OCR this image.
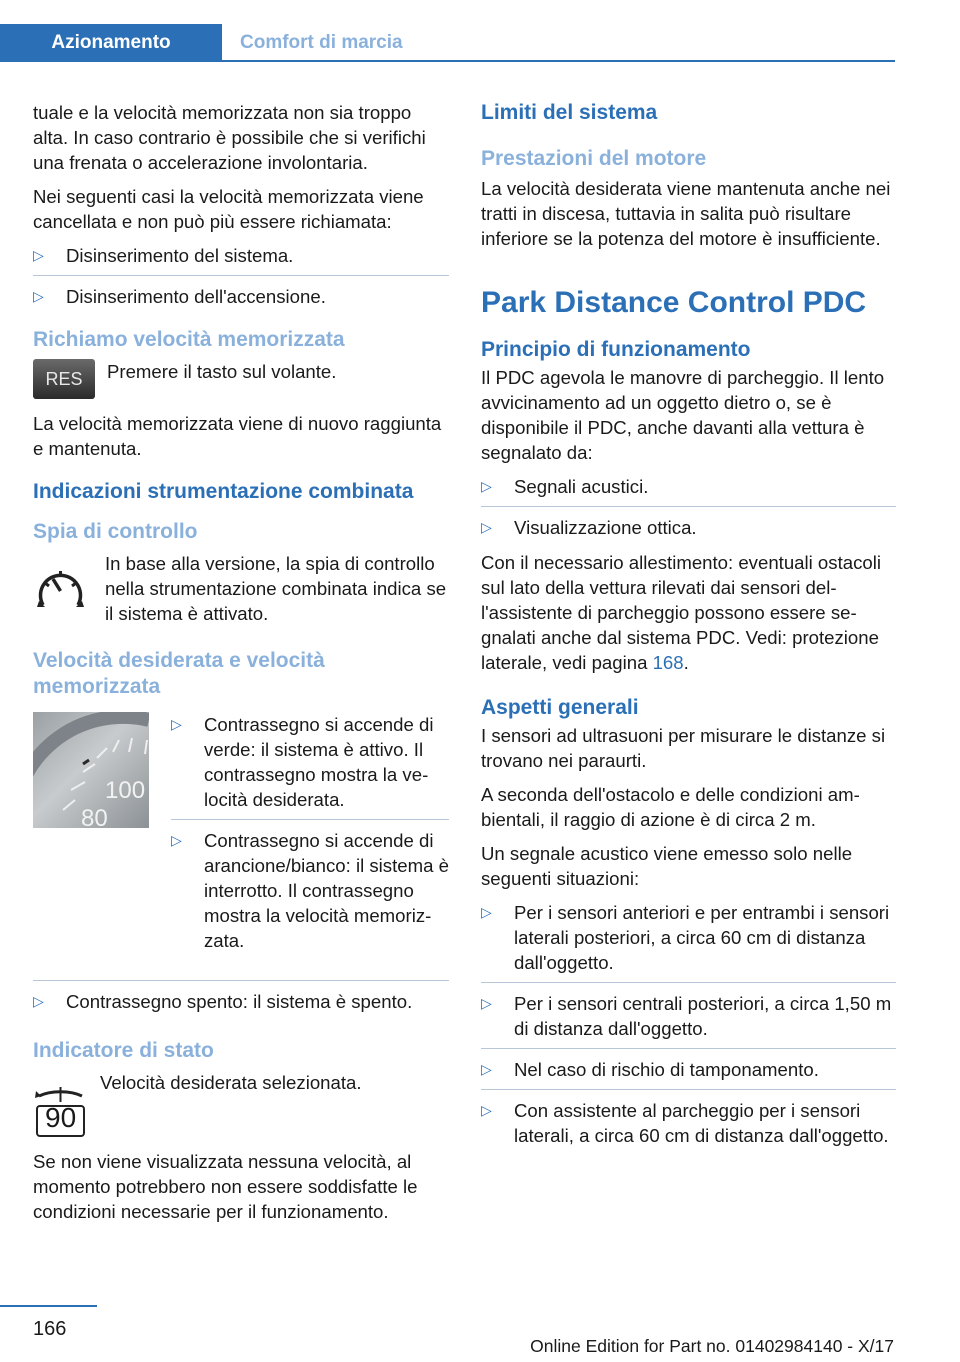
Azionamento	Comfort di marcia

tuale e la velocità memorizzata non sia troppo alta. In caso contrario è possibile che si verifichi una frenata o accelerazione involontaria.

Nei seguenti casi la velocità memorizzata viene cancellata e non può più essere richiamata:

▷ Disinserimento del sistema.
▷ Disinserimento dell'accensione.
Richiamo velocità memorizzata
RES	Premere il tasto sul volante.

La velocità memorizzata viene di nuovo raggiunta e mantenuta.

Indicazioni strumentazione combinata
Spia di controllo
In base alla versione, la spia di controllo nella strumentazione combinata indica se il sistema è attivato.
Velocità desiderata e velocità memorizzata
100
80
▷ Contrassegno si accende di verde: il sistema è attivo. Il contrassegno mostra la velocità desiderata.
▷ Contrassegno si accende di arancione/bianco: il sistema è interrotto. Il contrassegno mostra la velocità memorizzata.
▷ Contrassegno spento: il sistema è spento.
Indicatore di stato
90
Velocità desiderata selezionata.

Se non viene visualizzata nessuna velocità, al momento potrebbero non essere soddisfatte le condizioni necessarie per il funzionamento.

Limiti del sistema
Prestazioni del motore

La velocità desiderata viene mantenuta anche nei tratti in discesa, tuttavia in salita può risultare inferiore se la potenza del motore è insufficiente.

Park Distance Control PDC
Principio di funzionamento

Il PDC agevola le manovre di parcheggio. Il lento avvicinamento ad un oggetto dietro o, se è disponibile il PDC, anche davanti alla vettura è segnalato da:

▷ Segnali acustici.
▷ Visualizzazione ottica.

Con il necessario allestimento: eventuali ostacoli sul lato della vettura rilevati dai sensori dell'assistente di parcheggio possono essere segnalati anche dal sistema PDC. Vedi: protezione laterale, vedi pagina 168.

Aspetti generali

I sensori ad ultrasuoni per misurare le distanze si trovano nei paraurti.

A seconda dell'ostacolo e delle condizioni ambientali, il raggio di azione è di circa 2 m.

Un segnale acustico viene emesso solo nelle seguenti situazioni:

▷ Per i sensori anteriori e per entrambi i sensori laterali posteriori, a circa 60 cm di distanza dall'oggetto.
▷ Per i sensori centrali posteriori, a circa 1,50 m di distanza dall'oggetto.
▷ Nel caso di rischio di tamponamento.
▷ Con assistente al parcheggio per i sensori laterali, a circa 60 cm di distanza dall'oggetto.
166
Online Edition for Part no. 01402984140 - X/17
